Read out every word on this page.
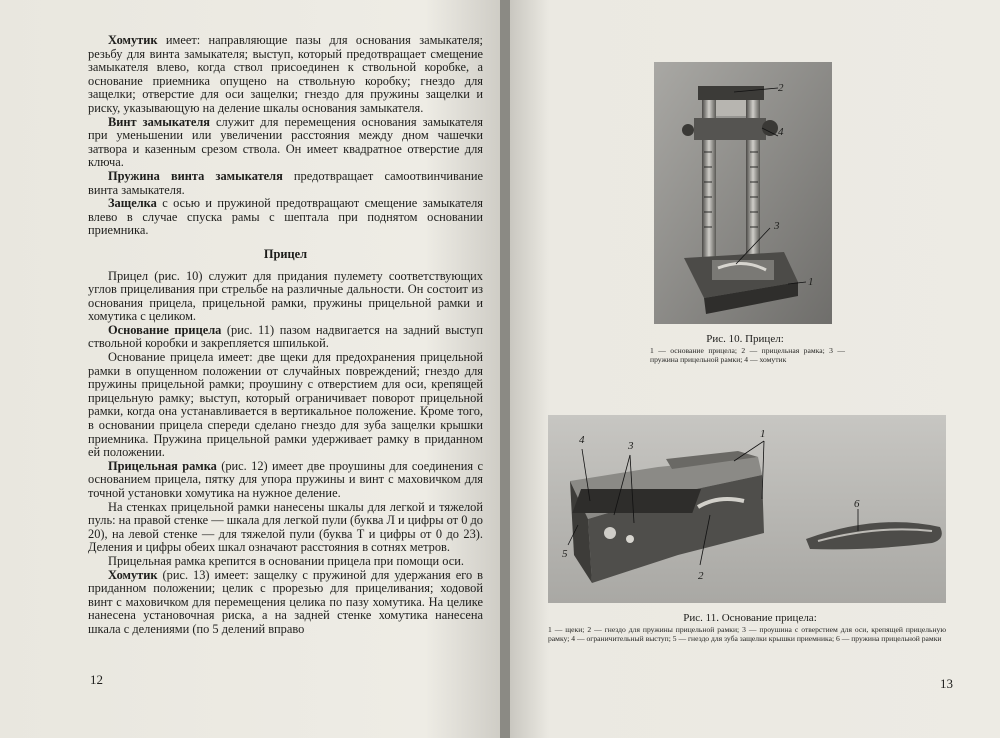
Хомутик имеет: направляющие пазы для основания замыкателя; резьбу для винта замыкателя; выступ, который предотвращает смещение замыкателя влево, когда ствол присоединен к ствольной коробке, а основание приемника опущено на ствольную коробку; гнездо для защелки; отверстие для оси защелки; гнездо для пружины защелки и риску, указывающую на деление шкалы основания замыкателя.

Винт замыкателя служит для перемещения основания замыкателя при уменьшении или увеличении расстояния между дном чашечки затвора и казенным срезом ствола. Он имеет квадратное отверстие для ключа.

Пружина винта замыкателя предотвращает самоотвинчивание винта замыкателя.

Защелка с осью и пружиной предотвращают смещение замыкателя влево в случае спуска рамы с шептала при поднятом основании приемника.

Прицел

Прицел (рис. 10) служит для придания пулемету соответствующих углов прицеливания при стрельбе на различные дальности. Он состоит из основания прицела, прицельной рамки, пружины прицельной рамки и хомутика с целиком.

Основание прицела (рис. 11) пазом надвигается на задний выступ ствольной коробки и закрепляется шпилькой.

Основание прицела имеет: две щеки для предохранения прицельной рамки в опущенном положении от случайных повреждений; гнездо для пружины прицельной рамки; проушину с отверстием для оси, крепящей прицельную рамку; выступ, который ограничивает поворот прицельной рамки, когда она устанавливается в вертикальное положение. Кроме того, в основании прицела спереди сделано гнездо для зуба защелки крышки приемника. Пружина прицельной рамки удерживает рамку в приданном ей положении.

Прицельная рамка (рис. 12) имеет две проушины для соединения с основанием прицела, пятку для упора пружины и винт с маховичком для точной установки хомутика на нужное деление.

На стенках прицельной рамки нанесены шкалы для легкой и тяжелой пуль: на правой стенке — шкала для легкой пули (буква Л и цифры от 0 до 20), на левой стенке — для тяжелой пули (буква Т и цифры от 0 до 23). Деления и цифры обеих шкал означают расстояния в сотнях метров.

Прицельная рамка крепится в основании прицела при помощи оси.

Хомутик (рис. 13) имеет: защелку с пружиной для удержания его в приданном положении; целик с прорезью для прицеливания; ходовой винт с маховичком для перемещения целика по пазу хомутика. На целике нанесена установочная риска, а на задней стенке хомутика нанесена шкала с делениями (по 5 делений вправо

12
2
4
3
1
Рис. 10. Прицел:
1 — основание прицела; 2 — прицельная рамка; 3 — пружина прицельной рамки; 4 — хомутик
4	3
1
5
2
6
Рис. 11. Основание прицела:
1 — щеки; 2 — гнездо для пружины прицельной рамки; 3 — проушина с отверстием для оси, крепящей прицельную рамку; 4 — ограничительный выступ; 5 — гнездо для зуба защелки крышки приемника; 6 — пружина прицельной рамки
13
